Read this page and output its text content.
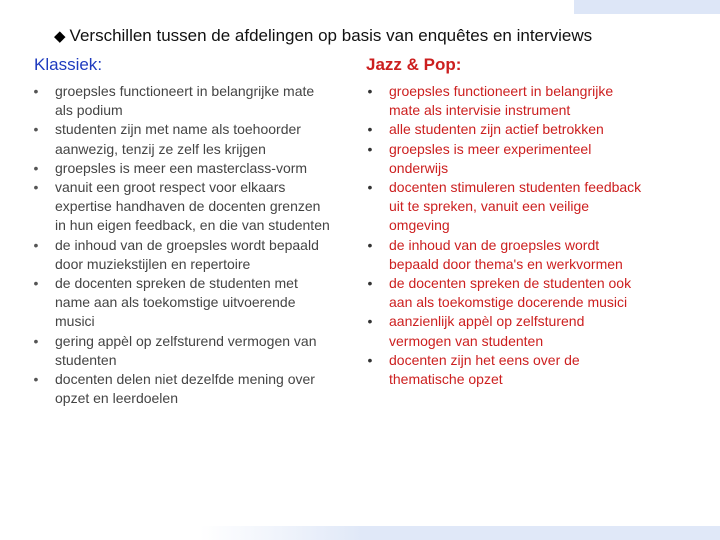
◆ Verschillen tussen de afdelingen op basis van enquêtes en interviews
Klassiek:	Jazz & Pop:
• groepsles functioneert in belangrijke mate als podium
• studenten zijn met name als toehoorder aanwezig, tenzij ze zelf les krijgen
• groepsles is meer een masterclass-vorm
• vanuit een groot respect voor elkaars expertise handhaven de docenten grenzen in hun eigen feedback, en die van studenten
• de inhoud van de groepsles wordt bepaald door muziekstijlen en repertoire
• de docenten spreken de studenten met name aan als toekomstige uitvoerende musici
• gering appèl op zelfsturend vermogen van studenten
• docenten delen niet dezelfde mening over opzet en leerdoelen
• groepsles functioneert in belangrijke mate als intervisie instrument
• alle studenten zijn actief betrokken
• groepsles is meer experimenteel onderwijs
• docenten stimuleren studenten feedback uit te spreken, vanuit een veilige omgeving
• de inhoud van de groepsles wordt bepaald door thema's en werkvormen
• de docenten spreken de studenten ook aan als toekomstige docerende musici
• aanzienlijk appèl op zelfsturend vermogen van studenten
• docenten zijn het eens over de thematische opzet
